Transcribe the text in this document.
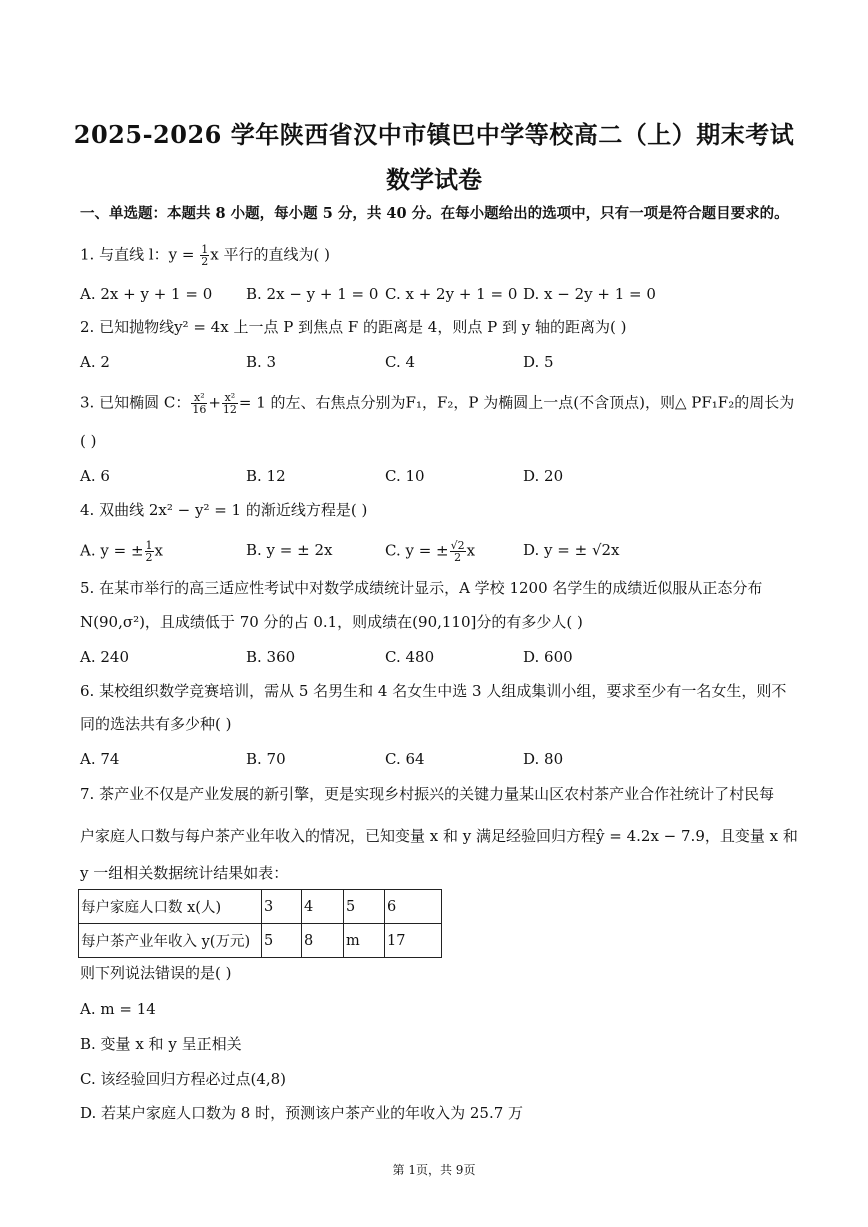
2025-2026 学年陕西省汉中市镇巴中学等校高二（上）期末考试
数学试卷
一、单选题：本题共 8 小题，每小题 5 分，共 40 分。在每小题给出的选项中，只有一项是符合题目要求的。
1. 与直线 l：$y = \frac{1}{2}$ x 平行的直线为( )
A. 2x + y + 1 = 0 B. 2x − y + 1 = 0 C. x + 2y + 1 = 0 D. x − 2y + 1 = 0
2. 已知抛物线y² = 4x 上一点 P 到焦点 F 的距离是 4，则点 P 到 y 轴的距离为( )
A. 2	B. 3	C. 4	D. 5
3. 已知椭圆 C： $\frac{\text{x²}}{16} + \frac{\text{x²}}{12} = 1$ 的左、右焦点分别为F₁，F₂，P 为椭圆上一点(不含顶点)，则△ PF₁F₂的周长为
( )
A. 6	B. 12	C. 10	D. 20
4. 双曲线 2x² − y² = 1 的渐近线方程是( )
A. y = ± $\frac{1}{2}$ x	B. y = ± 2x	C. y = ± $\frac{√2}{2}$ x	D. y = ± √2x
5. 在某市举行的高三适应性考试中对数学成绩统计显示，A 学校 1200 名学生的成绩近似服从正态分布
N(90,σ²)，且成绩低于 70 分的占 0.1，则成绩在(90,110]分的有多少人( )
A. 240	B. 360	C. 480	D. 600
6. 某校组织数学竞赛培训，需从 5 名男生和 4 名女生中选 3 人组成集训小组，要求至少有一名女生，则不
同的选法共有多少种( )
A. 74	B. 70	C. 64	D. 80
7. 茶产业不仅是产业发展的新引擎，更是实现乡村振兴的关键力量某山区农村茶产业合作社统计了村民每
户家庭人口数与每户茶产业年收入的情况，已知变量 x 和 y 满足经验回归方程ŷ = 4.2x − 7.9，且变量 x 和
y 一组相关数据统计结果如表：
每户家庭人口数 x(人)	3	4	5	6
每户茶产业年收入 y(万元)	5	8	m	17
则下列说法错误的是( )
A. m = 14
B. 变量 x 和 y 呈正相关
C. 该经验回归方程必过点(4,8)
D. 若某户家庭人口数为 8 时，预测该户茶产业的年收入为 25.7 万
第 1页，共 9页
